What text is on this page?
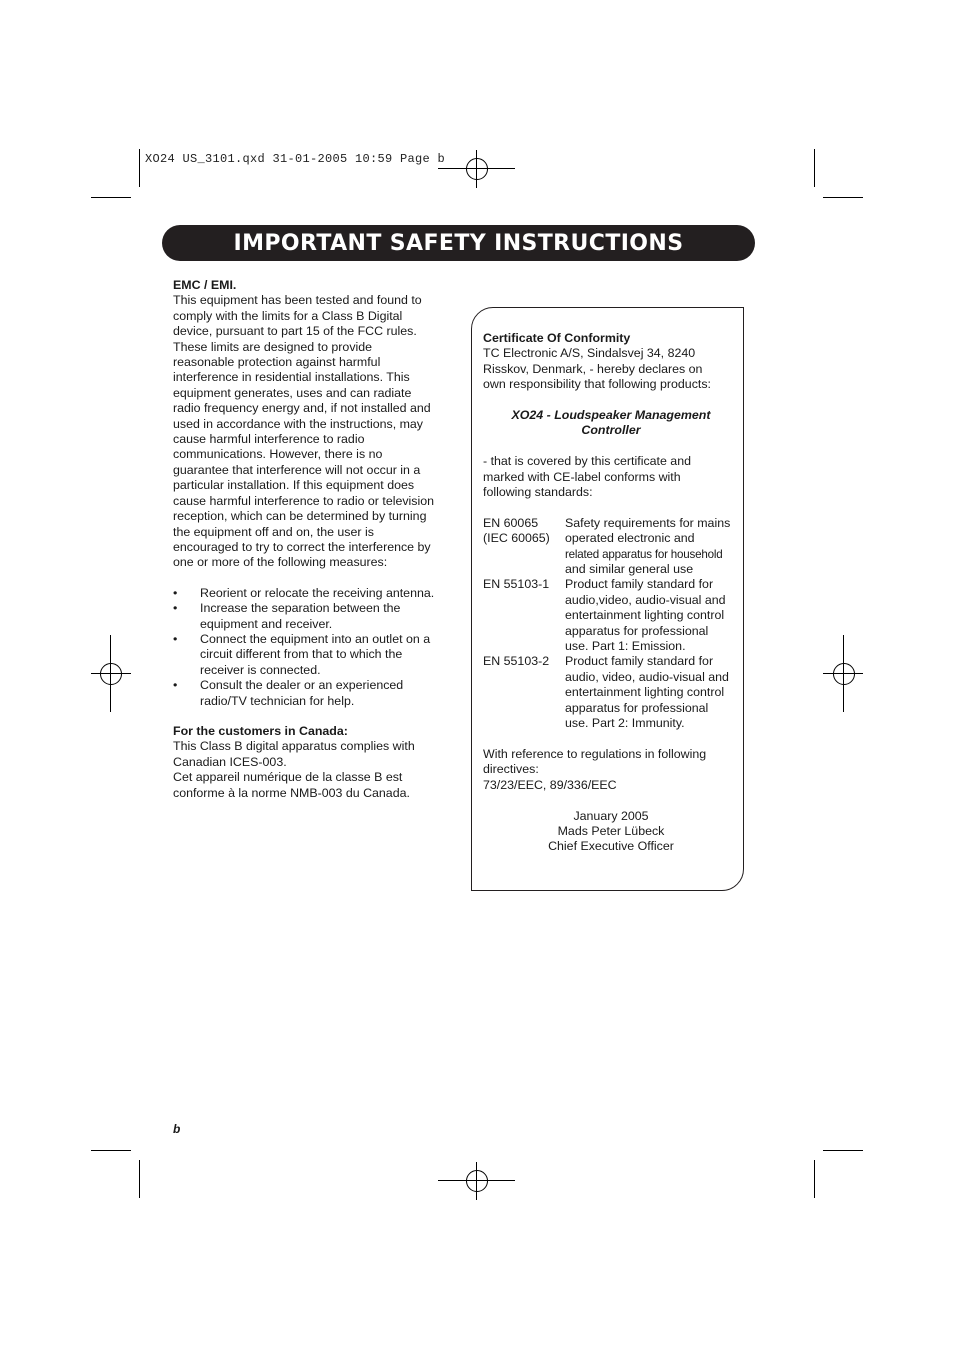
XO24 US_3101.qxd 31-01-2005 10:59 Page b
IMPORTANT SAFETY INSTRUCTIONS

EMC / EMI.

This equipment has been tested and found to
comply with the limits for a Class B Digital
device, pursuant to part 15 of the FCC rules.
These limits are designed to provide
reasonable protection against harmful
interference in residential installations. This
equipment generates, uses and can radiate
radio frequency energy and, if not installed and
used in accordance with the instructions, may
cause harmful interference to radio
communications. However, there is no
guarantee that interference will not occur in a
particular installation. If this equipment does
cause harmful interference to radio or television
reception, which can be determined by turning
the equipment off and on, the user is
encouraged to try to correct the interference by
one or more of the following measures:
• Reorient or relocate the receiving antenna.
• Increase the separation between the
equipment and receiver.
• Connect the equipment into an outlet on a
circuit different from that to which the
receiver is connected.
• Consult the dealer or an experienced
radio/TV technician for help.

For the customers in Canada:

This Class B digital apparatus complies with
Canadian ICES-003.
Cet appareil numérique de la classe B est
conforme à la norme NMB-003 du Canada.

Certificate Of Conformity

TC Electronic A/S, Sindalsvej 34, 8240
Risskov, Denmark, - hereby declares on
own responsibility that following products:
XO24 - Loudspeaker Management
Controller
- that is covered by this certificate and
marked with CE-label conforms with
following standards:
EN 60065
(IEC 60065)
Safety requirements for mains
operated electronic and
related apparatus for household
and similar general use
EN 55103-1	Product family standard for
audio,video, audio-visual and
entertainment lighting control
apparatus for professional
use. Part 1: Emission.
EN 55103-2	Product family standard for
audio, video, audio-visual and
entertainment lighting control
apparatus for professional
use. Part 2: Immunity.
With reference to regulations in following
directives:
73/23/EEC, 89/336/EEC
January 2005
Mads Peter Lübeck
Chief Executive Officer
b
